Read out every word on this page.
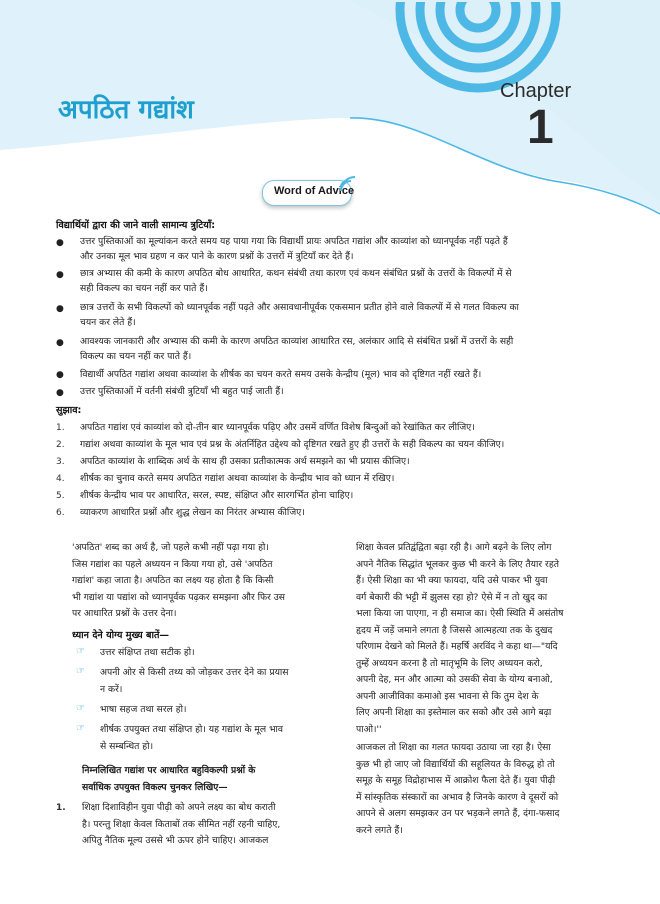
अपठित गद्यांश
Chapter
1
Word of Advice
विद्यार्थियों द्वारा की जाने वाली सामान्य त्रुटियाँ:
● उत्तर पुस्तिकाओं का मूल्यांकन करते समय यह पाया गया कि विद्यार्थी प्रायः अपठित गद्यांश और काव्यांश को ध्यानपूर्वक नहीं पढ़ते हैं
और उनका मूल भाव ग्रहण न कर पाने के कारण प्रश्नों के उत्तरों में त्रुटियाँ कर देते हैं।
● छात्र अभ्यास की कमी के कारण अपठित बोध आधारित, कथन संबंधी तथा कारण एवं कथन संबंधित प्रश्नों के उत्तरों के विकल्पों में से
सही विकल्प का चयन नहीं कर पाते हैं।
● छात्र उत्तरों के सभी विकल्पों को ध्यानपूर्वक नहीं पढ़ते और असावधानीपूर्वक एकसमान प्रतीत होने वाले विकल्पों में से गलत विकल्प का
चयन कर लेते हैं।
● आवश्यक जानकारी और अभ्यास की कमी के कारण अपठित काव्यांश आधारित रस, अलंकार आदि से संबंधित प्रश्नों में उत्तरों के सही
विकल्प का चयन नहीं कर पाते हैं।
● विद्यार्थी अपठित गद्यांश अथवा काव्यांश के शीर्षक का चयन करते समय उसके केन्द्रीय (मूल) भाव को दृष्टिगत नहीं रखते हैं।
● उत्तर पुस्तिकाओं में वर्तनी संबंधी त्रुटियाँ भी बहुत पाई जाती हैं।
सुझाव:
1. अपठित गद्यांश एवं काव्यांश को दो-तीन बार ध्यानपूर्वक पढ़िए और उसमें वर्णित विशेष बिन्दुओं को रेखांकित कर लीजिए।
2. गद्यांश अथवा काव्यांश के मूल भाव एवं प्रश्न के अंतर्निहित उद्देश्य को दृष्टिगत रखते हुए ही उत्तरों के सही विकल्प का चयन कीजिए।
3. अपठित काव्यांश के शाब्दिक अर्थ के साथ ही उसका प्रतीकात्मक अर्थ समझने का भी प्रयास कीजिए।
4. शीर्षक का चुनाव करते समय अपठित गद्यांश अथवा काव्यांश के केन्द्रीय भाव को ध्यान में रखिए।
5. शीर्षक केन्द्रीय भाव पर आधारित, सरल, स्पष्ट, संक्षिप्त और सारगर्भित होना चाहिए।
6. व्याकरण आधारित प्रश्नों और शुद्ध लेखन का निरंतर अभ्यास कीजिए।
'अपठित' शब्द का अर्थ है, जो पहले कभी नहीं पढ़ा गया हो।
जिस गद्यांश का पहले अध्ययन न किया गया हो, उसे 'अपठित
गद्यांश' कहा जाता है। अपठित का लक्ष्य यह होता है कि किसी
भी गद्यांश या पद्यांश को ध्यानपूर्वक पढ़कर समझना और फिर उस
पर आधारित प्रश्नों के उत्तर देना।
ध्यान देने योग्य मुख्य बातें—
☞ उत्तर संक्षिप्त तथा सटीक हो।
☞ अपनी ओर से किसी तथ्य को जोड़कर उत्तर देने का प्रयास
न करें।
☞ भाषा सहज तथा सरल हो।
☞ शीर्षक उपयुक्त तथा संक्षिप्त हो। यह गद्यांश के मूल भाव
से सम्बन्धित हो।
निम्नलिखित गद्यांश पर आधारित बहुविकल्पी प्रश्नों के
सर्वाधिक उपयुक्त विकल्प चुनकर लिखिए—
1. शिक्षा दिशाविहीन युवा पीढ़ी को अपने लक्ष्य का बोध कराती
है। परन्तु शिक्षा केवल किताबों तक सीमित नहीं रहनी चाहिए,
अपितु नैतिक मूल्य उससे भी ऊपर होने चाहिए। आजकल
शिक्षा केवल प्रतिद्वंद्विता बढ़ा रही है। आगे बढ़ने के लिए लोग
अपने नैतिक सिद्धांत भूलकर कुछ भी करने के लिए तैयार रहते
हैं। ऐसी शिक्षा का भी क्या फायदा, यदि उसे पाकर भी युवा
वर्ग बेकारी की भट्टी में झुलस रहा हो? ऐसे में न तो खुद का
भला किया जा पाएगा, न ही समाज का। ऐसी स्थिति में असंतोष
हृदय में जड़ें जमाने लगता है जिससे आत्महत्या तक के दुखद
परिणाम देखने को मिलते हैं। महर्षि अरविंद ने कहा था—"यदि
तुम्हें अध्ययन करना है तो मातृभूमि के लिए अध्ययन करो,
अपनी देह, मन और आत्मा को उसकी सेवा के योग्य बनाओ,
अपनी आजीविका कमाओ इस भावना से कि तुम देश के
लिए अपनी शिक्षा का इस्तेमाल कर सको और उसे आगे बढ़ा
पाओ।''
आजकल तो शिक्षा का गलत फायदा उठाया जा रहा है। ऐसा
कुछ भी हो जाए जो विद्यार्थियों की सहूलियत के विरुद्ध हो तो
समूह के समूह विद्रोहाभास में आक्रोश फैला देते हैं। युवा पीढ़ी
में सांस्कृतिक संस्कारों का अभाव है जिनके कारण वे दूसरों को
आपने से अलग समझकर उन पर भड़कने लगते हैं, दंगा-फसाद
करने लगते हैं।
